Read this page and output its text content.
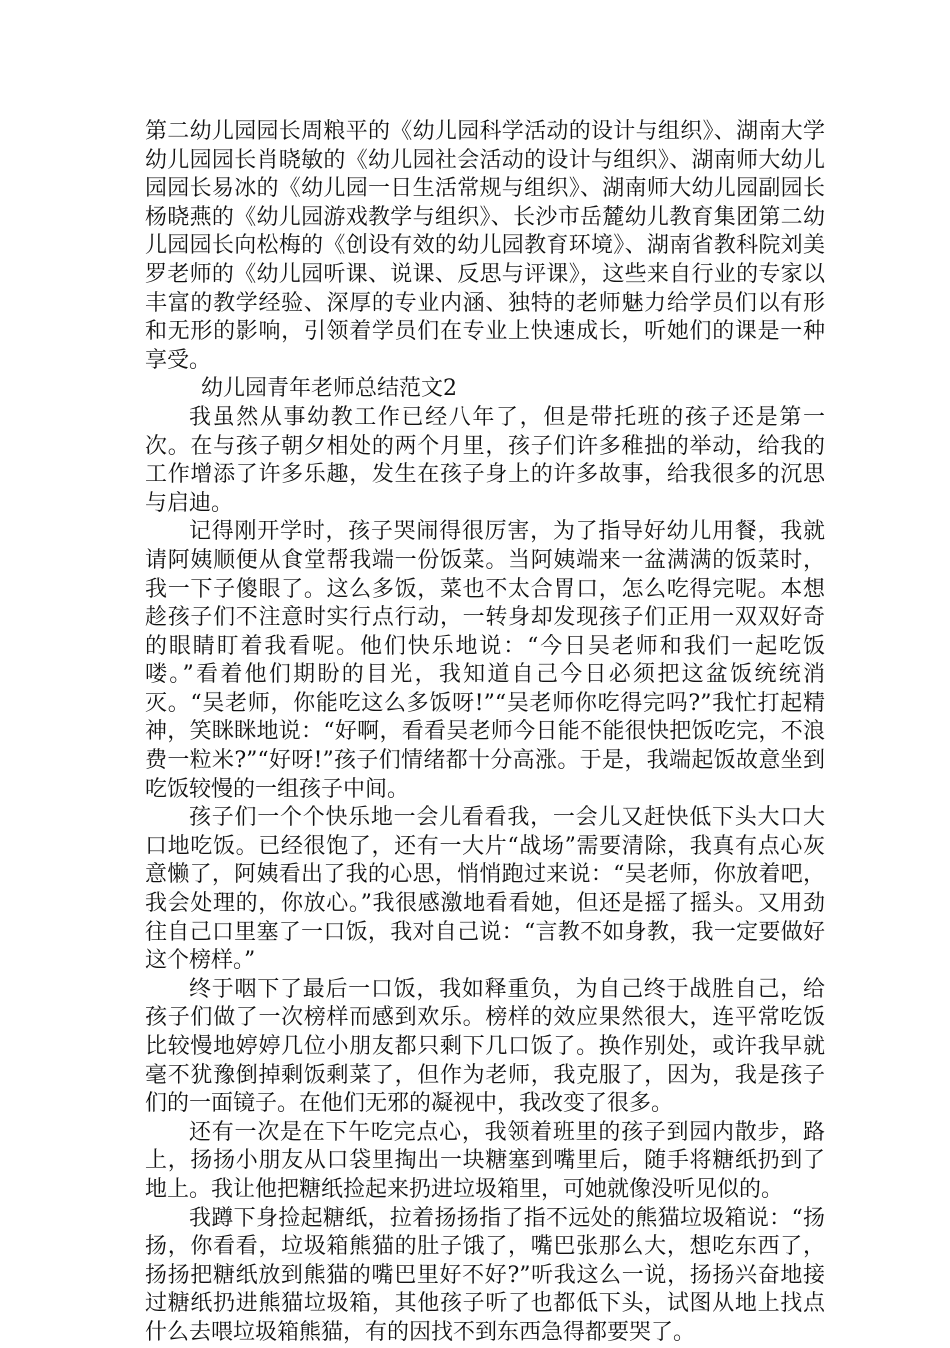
第二幼儿园园长周粮平的《幼儿园科学活动的设计与组织》、湖南大学幼儿园园长肖晓敏的《幼儿园社会活动的设计与组织》、湖南师大幼儿园园长易冰的《幼儿园一日生活常规与组织》、湖南师大幼儿园副园长杨晓燕的《幼儿园游戏教学与组织》、长沙市岳麓幼儿教育集团第二幼儿园园长向松梅的《创设有效的幼儿园教育环境》、湖南省教科院刘美罗老师的《幼儿园听课、说课、反思与评课》，这些来自行业的专家以丰富的教学经验、深厚的专业内涵、独特的老师魅力给学员们以有形和无形的影响，引领着学员们在专业上快速成长，听她们的课是一种享受。

幼儿园青年老师总结范文2

我虽然从事幼教工作已经八年了，但是带托班的孩子还是第一次。在与孩子朝夕相处的两个月里，孩子们许多稚拙的举动，给我的工作增添了许多乐趣，发生在孩子身上的许多故事，给我很多的沉思与启迪。

记得刚开学时，孩子哭闹得很厉害，为了指导好幼儿用餐，我就请阿姨顺便从食堂帮我端一份饭菜。当阿姨端来一盆满满的饭菜时，我一下子傻眼了。这么多饭，菜也不太合胃口，怎么吃得完呢。本想趁孩子们不注意时实行点行动，一转身却发现孩子们正用一双双好奇的眼睛盯着我看呢。他们快乐地说：“今日吴老师和我们一起吃饭喽。”看着他们期盼的目光，我知道自己今日必须把这盆饭统统消灭。“吴老师，你能吃这么多饭呀!”“吴老师你吃得完吗?”我忙打起精神，笑眯眯地说：“好啊，看看吴老师今日能不能很快把饭吃完，不浪费一粒米?”“好呀!”孩子们情绪都十分高涨。于是，我端起饭故意坐到吃饭较慢的一组孩子中间。

孩子们一个个快乐地一会儿看看我，一会儿又赶快低下头大口大口地吃饭。已经很饱了，还有一大片“战场”需要清除，我真有点心灰意懒了，阿姨看出了我的心思，悄悄跑过来说：“吴老师，你放着吧，我会处理的，你放心。”我很感激地看看她，但还是摇了摇头。又用劲往自己口里塞了一口饭，我对自己说：“言教不如身教，我一定要做好这个榜样。”

终于咽下了最后一口饭，我如释重负，为自己终于战胜自己，给孩子们做了一次榜样而感到欢乐。榜样的效应果然很大，连平常吃饭比较慢地婷婷几位小朋友都只剩下几口饭了。换作别处，或许我早就毫不犹豫倒掉剩饭剩菜了，但作为老师，我克服了，因为，我是孩子们的一面镜子。在他们无邪的凝视中，我改变了很多。

还有一次是在下午吃完点心，我领着班里的孩子到园内散步，路上，扬扬小朋友从口袋里掏出一块糖塞到嘴里后，随手将糖纸扔到了地上。我让他把糖纸捡起来扔进垃圾箱里，可她就像没听见似的。

我蹲下身捡起糖纸，拉着扬扬指了指不远处的熊猫垃圾箱说：“扬扬，你看看，垃圾箱熊猫的肚子饿了，嘴巴张那么大，想吃东西了，扬扬把糖纸放到熊猫的嘴巴里好不好?”听我这么一说，扬扬兴奋地接过糖纸扔进熊猫垃圾箱，其他孩子听了也都低下头，试图从地上找点什么去喂垃圾箱熊猫，有的因找不到东西急得都要哭了。
